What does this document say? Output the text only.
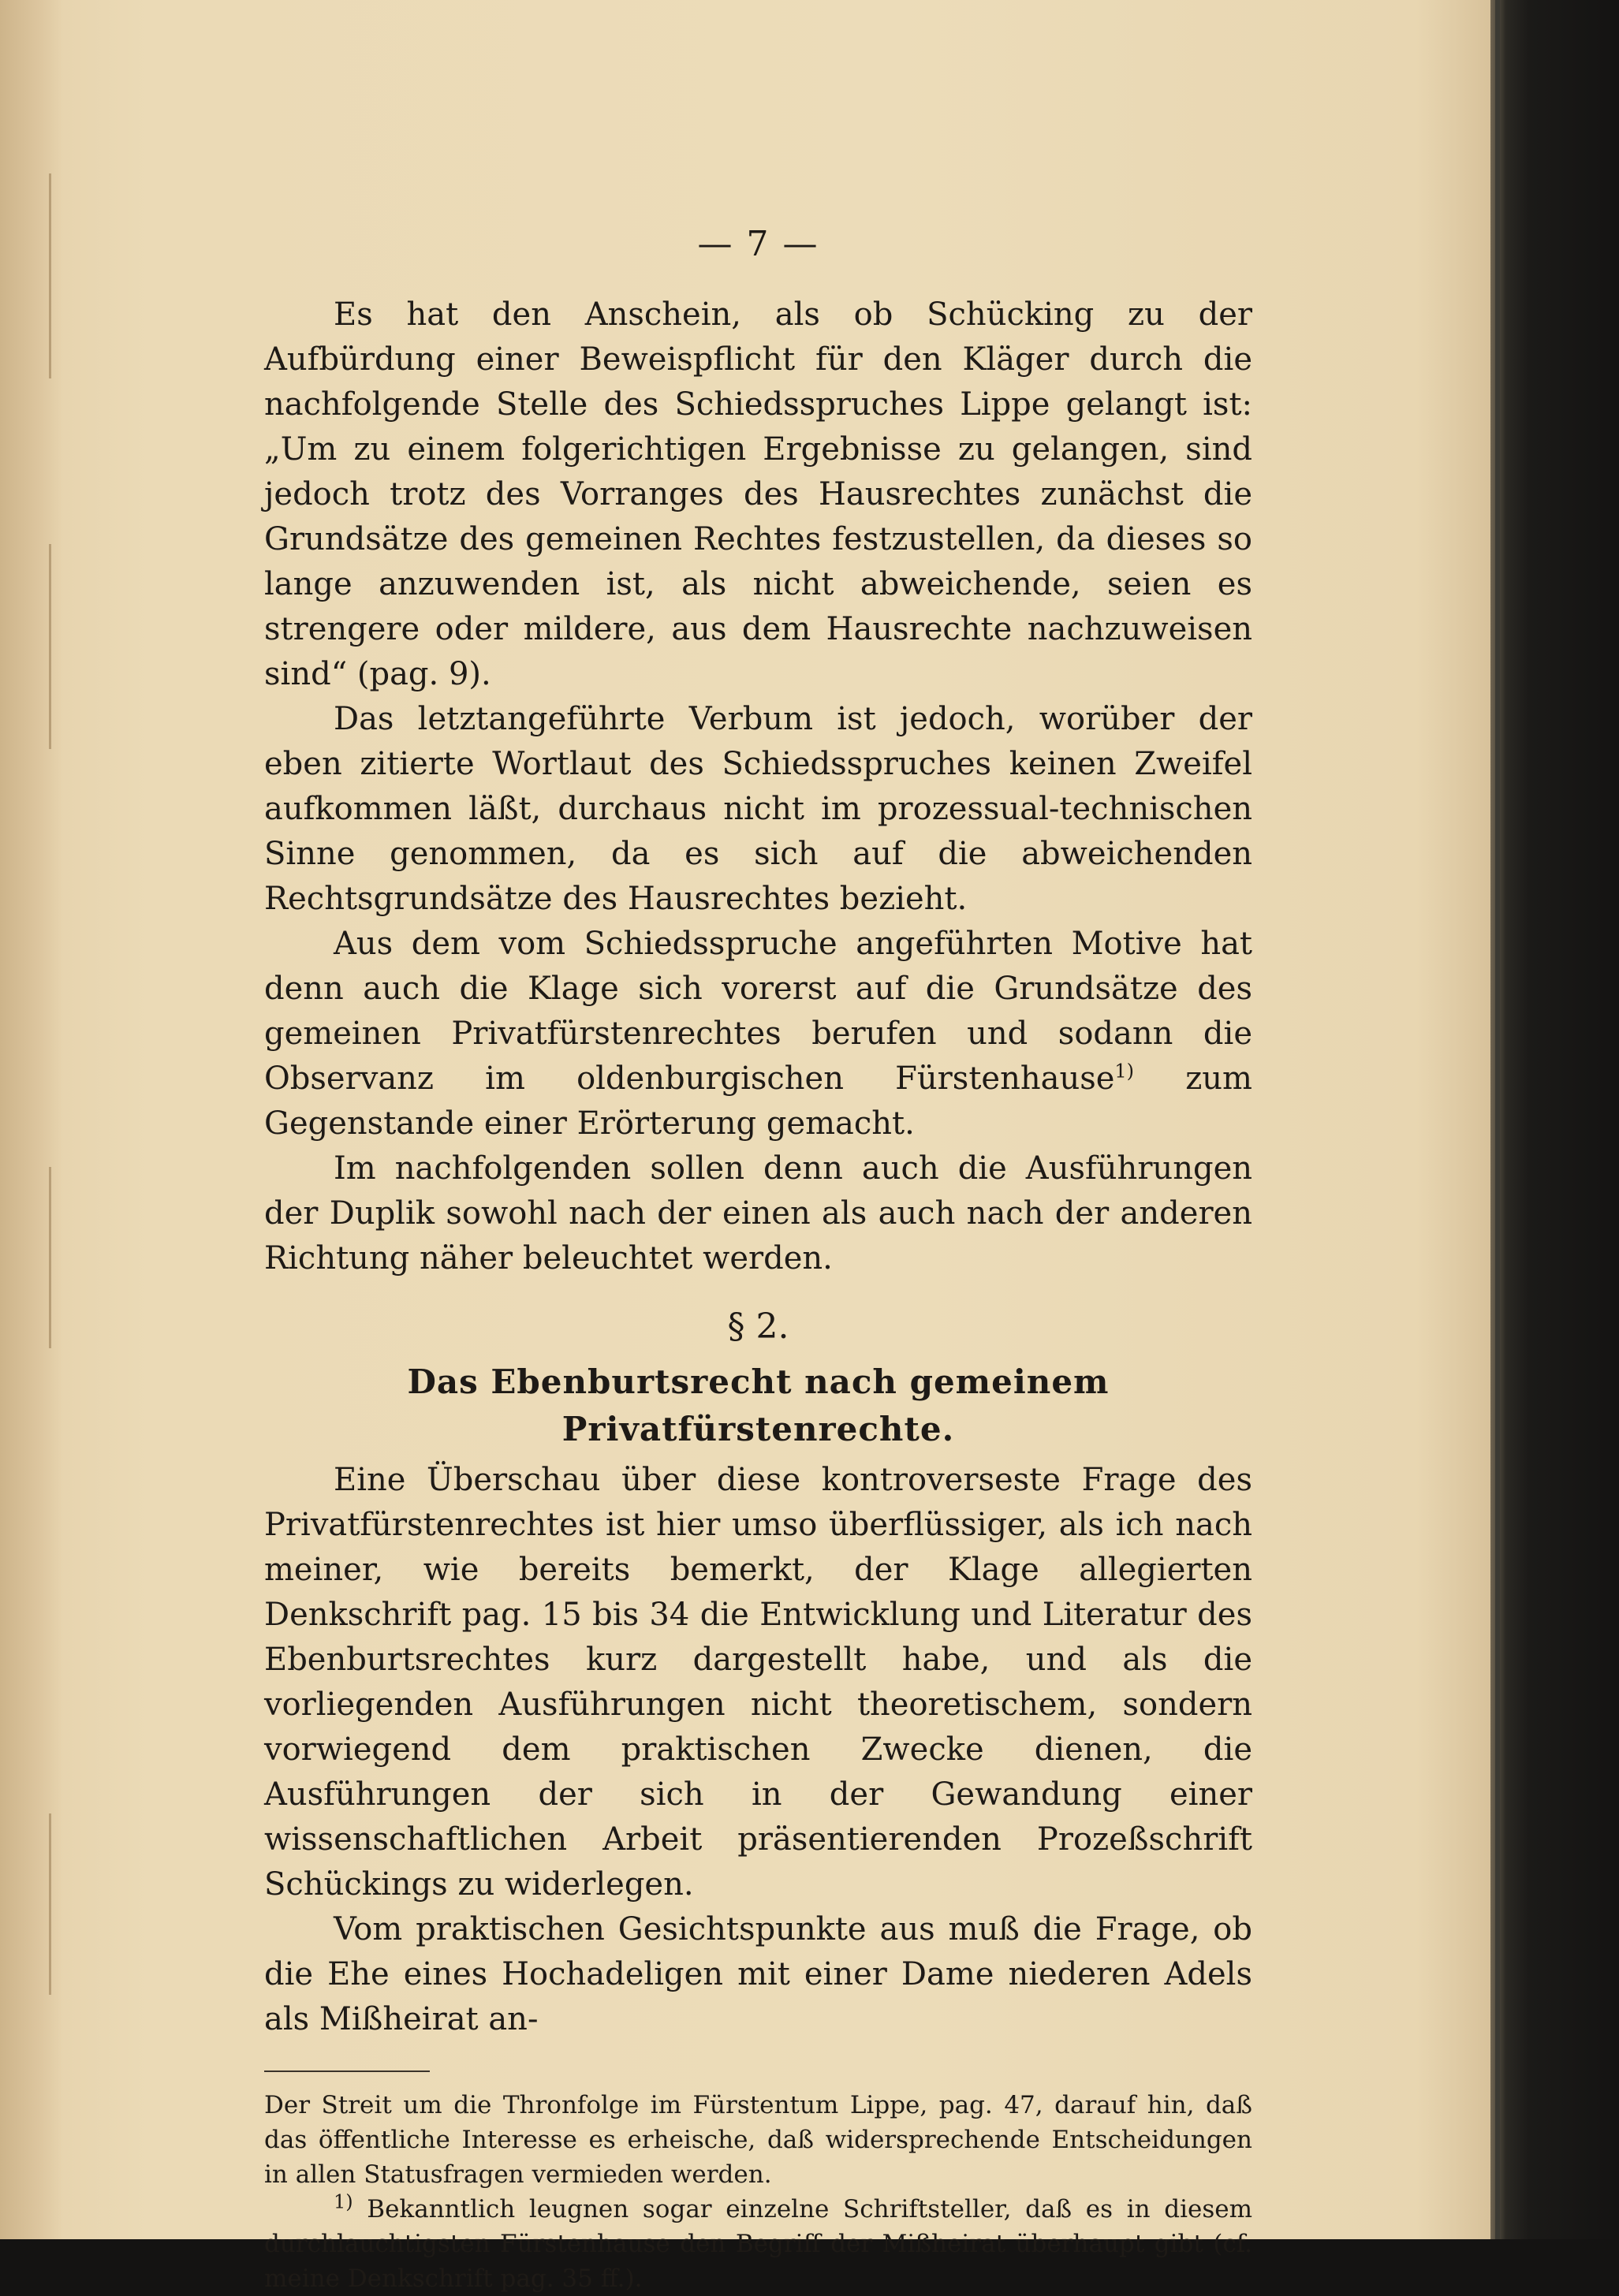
— 7 —

Es hat den Anschein, als ob Schücking zu der Aufbürdung einer Beweispflicht für den Kläger durch die nachfolgende Stelle des Schiedsspruches Lippe gelangt ist: „Um zu einem folgerichtigen Ergebnisse zu gelangen, sind jedoch trotz des Vorranges des Hausrechtes zunächst die Grundsätze des gemeinen Rechtes festzustellen, da dieses so lange anzuwenden ist, als nicht abweichende, seien es strengere oder mildere, aus dem Hausrechte nachzuweisen sind“ (pag. 9).

Das letztangeführte Verbum ist jedoch, worüber der eben zitierte Wortlaut des Schiedsspruches keinen Zweifel aufkommen läßt, durchaus nicht im prozessual-technischen Sinne genommen, da es sich auf die abweichenden Rechtsgrundsätze des Hausrechtes bezieht.

Aus dem vom Schiedsspruche angeführten Motive hat denn auch die Klage sich vorerst auf die Grundsätze des gemeinen Privatfürstenrechtes berufen und sodann die Observanz im oldenburgischen Fürstenhause$^{1)}$ zum Gegenstande einer Erörterung gemacht.

Im nachfolgenden sollen denn auch die Ausführungen der Duplik sowohl nach der einen als auch nach der anderen Richtung näher beleuchtet werden.

§ 2.
Das Ebenburtsrecht nach gemeinem Privatfürstenrechte.

Eine Überschau über diese kontroverseste Frage des Privatfürstenrechtes ist hier umso überflüssiger, als ich nach meiner, wie bereits bemerkt, der Klage allegierten Denkschrift pag. 15 bis 34 die Entwicklung und Literatur des Ebenburtsrechtes kurz dargestellt habe, und als die vorliegenden Ausführungen nicht theoretischem, sondern vorwiegend dem praktischen Zwecke dienen, die Ausführungen der sich in der Gewandung einer wissenschaftlichen Arbeit präsentierenden Prozeßschrift Schückings zu widerlegen.

Vom praktischen Gesichtspunkte aus muß die Frage, ob die Ehe eines Hochadeligen mit einer Dame niederen Adels als Mißheirat an-

Der Streit um die Thronfolge im Fürstentum Lippe, pag. 47, darauf hin, daß das öffentliche Interesse es erheische, daß widersprechende Entscheidungen in allen Statusfragen vermieden werden.

$^{1)}$ Bekanntlich leugnen sogar einzelne Schriftsteller, daß es in diesem durchlauchtigsten Fürstenhause den Begriff der Mißheirat überhaupt gibt (cf. meine Denkschrift pag. 35 ff.).
